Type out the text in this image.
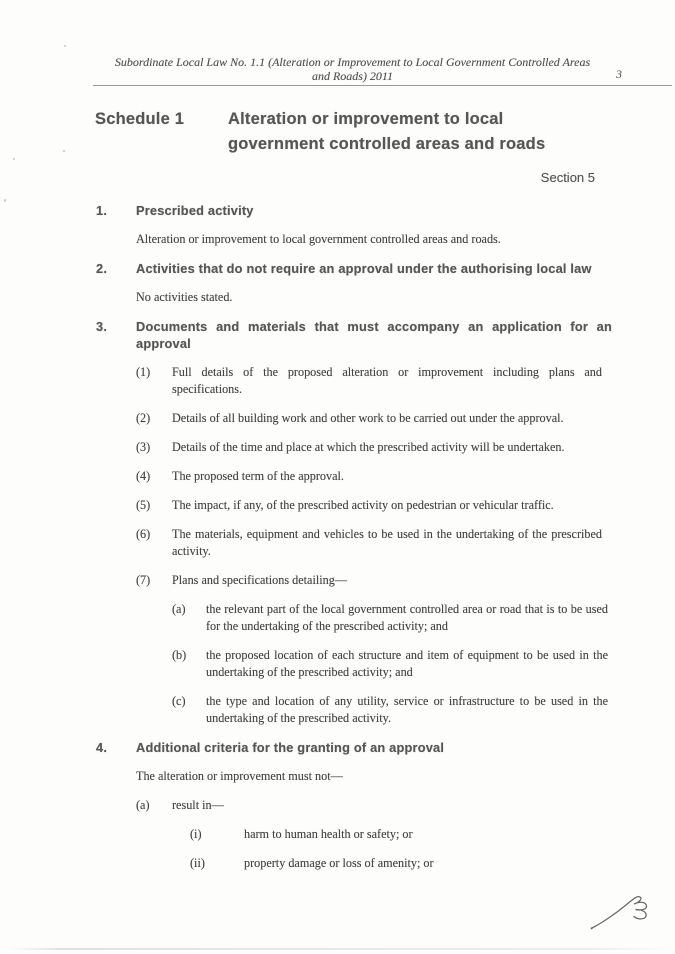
Subordinate Local Law No. 1.1 (Alteration or Improvement to Local Government Controlled Areas
and Roads) 2011	3
Schedule 1	Alteration or improvement to local government controlled areas and roads
Section 5
1.	Prescribed activity
Alteration or improvement to local government controlled areas and roads.
2.	Activities that do not require an approval under the authorising local law
No activities stated.
3.	Documents and materials that must accompany an application for an approval
(1)	Full details of the proposed alteration or improvement including plans and specifications.
(2)	Details of all building work and other work to be carried out under the approval.
(3)	Details of the time and place at which the prescribed activity will be undertaken.
(4)	The proposed term of the approval.
(5)	The impact, if any, of the prescribed activity on pedestrian or vehicular traffic.
(6)	The materials, equipment and vehicles to be used in the undertaking of the prescribed activity.
(7)	Plans and specifications detailing—
(a)	the relevant part of the local government controlled area or road that is to be used for the undertaking of the prescribed activity; and
(b)	the proposed location of each structure and item of equipment to be used in the undertaking of the prescribed activity; and
(c)	the type and location of any utility, service or infrastructure to be used in the undertaking of the prescribed activity.
4.	Additional criteria for the granting of an approval
The alteration or improvement must not—
(a)	result in—
(i)	harm to human health or safety; or
(ii)	property damage or loss of amenity; or
